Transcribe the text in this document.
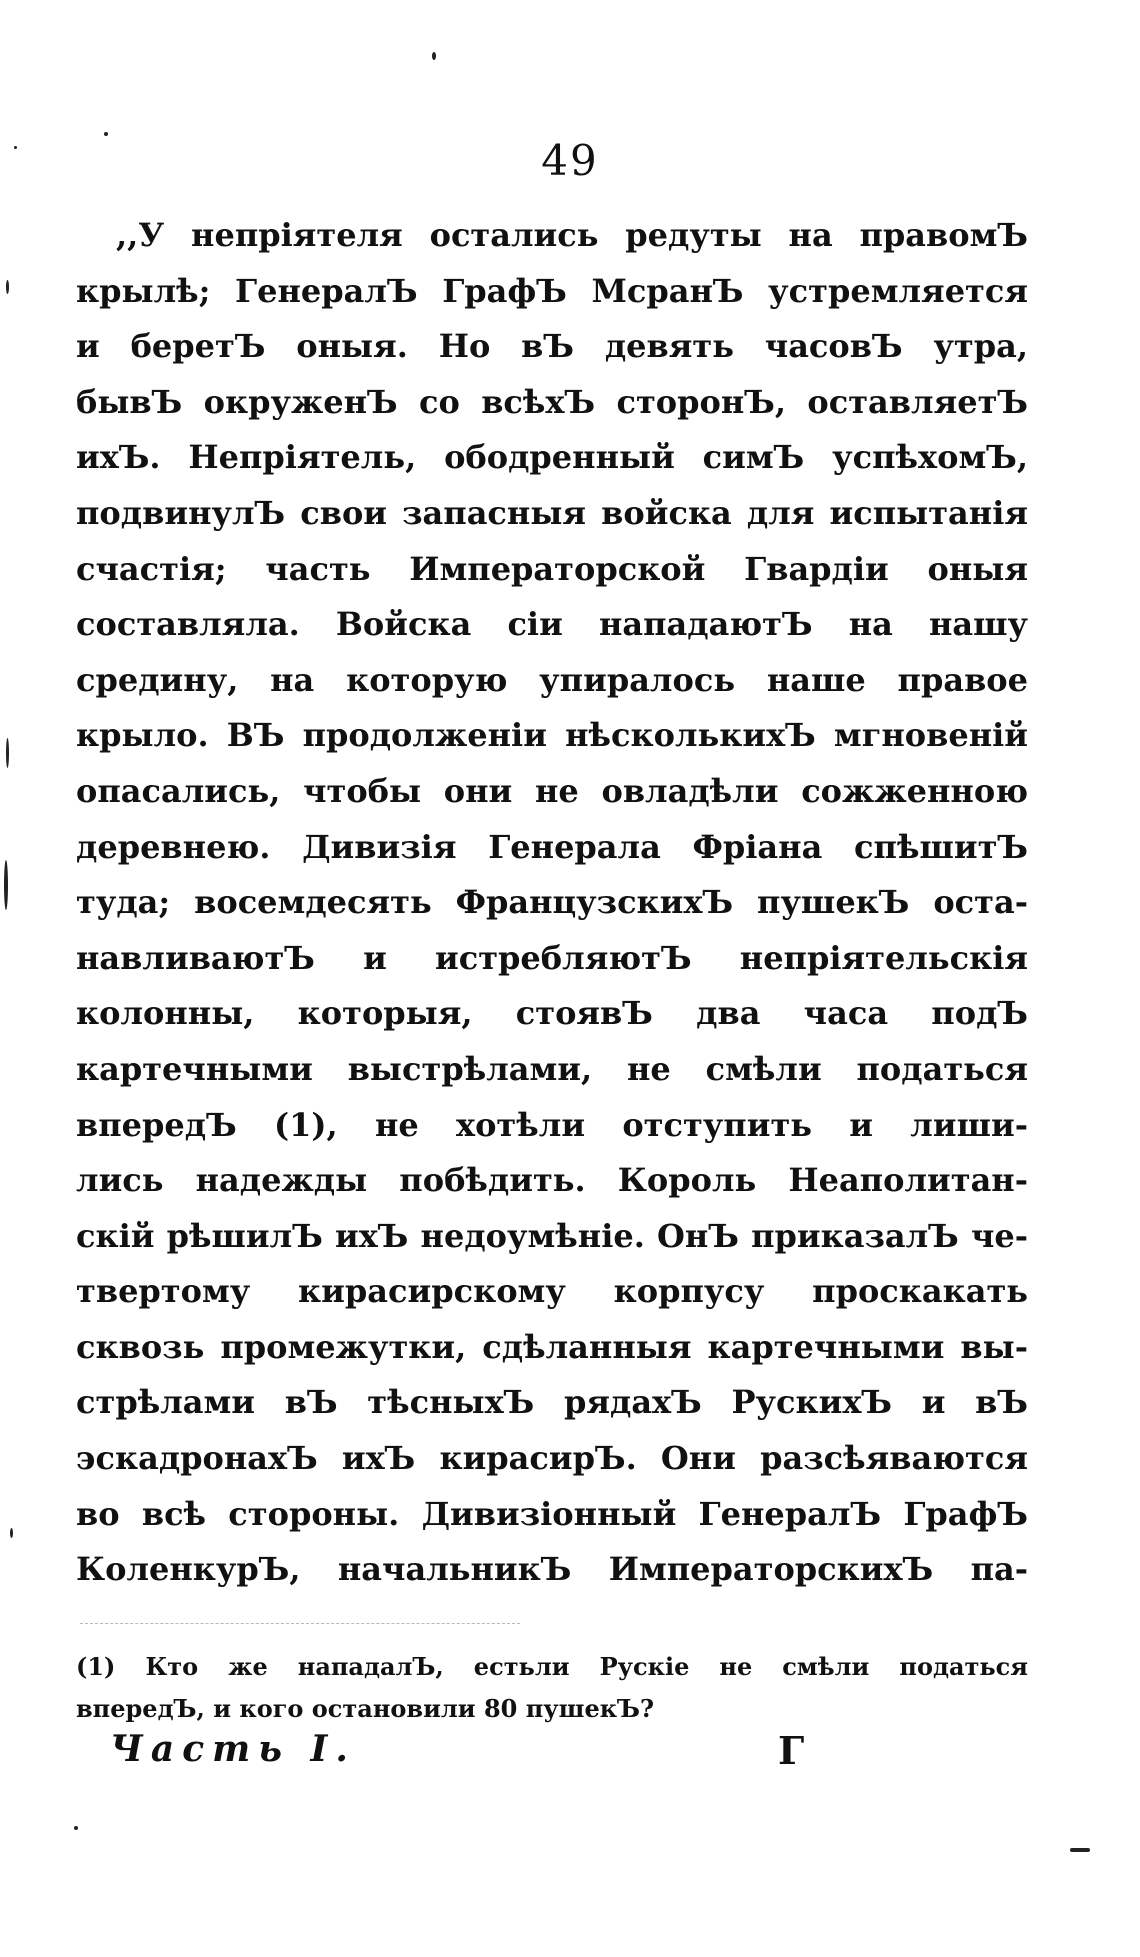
49
,,У непріятеля остались редуты на правомЪ
крылѣ; ГенералЪ ГрафЪ МсранЪ устремляется
и беретЪ оныя. Но вЪ девять часовЪ утра,
бывЪ окруженЪ со всѣхЪ сторонЪ, оставляетЪ
ихЪ. Непріятель, ободренный симЪ успѣхомЪ,
подвинулЪ свои запасныя войска для испытанія
счастія; часть Императорской Гвардіи оныя
составляла. Войска сіи нападаютЪ на нашу
средину, на которую упиралось наше правое
крыло. ВЪ продолженіи нѣсколькихЪ мгновеній
опасались, чтобы они не овладѣли сожженною
деревнею. Дивизія Генерала Фріана спѣшитЪ
туда; восемдесять ФранцузскихЪ пушекЪ оста-
навливаютЪ и истребляютЪ непріятельскія
колонны, которыя, стоявЪ два часа подЪ
картечными выстрѣлами, не смѣли податься
впередЪ (1), не хотѣли отступить и лиши-
лись надежды побѣдить. Король Неаполитан-
скій рѣшилЪ ихЪ недоумѣніе. ОнЪ приказалЪ че-
твертому кирасирскому корпусу проскакать
сквозь промежутки, сдѣланныя картечными вы-
стрѣлами вЪ тѣсныхЪ рядахЪ РускихЪ и вЪ
эскадронахЪ ихЪ кирасирЪ. Они разсѣяваются
во всѣ стороны. Дивизіонный ГенералЪ ГрафЪ
КоленкурЪ, начальникЪ ИмператорскихЪ па-
(1) Кто же нападалЪ, естьли Рускіе не смѣли податься
впередЪ, и кого остановили 80 пушекЪ?
Часть I.	Г
